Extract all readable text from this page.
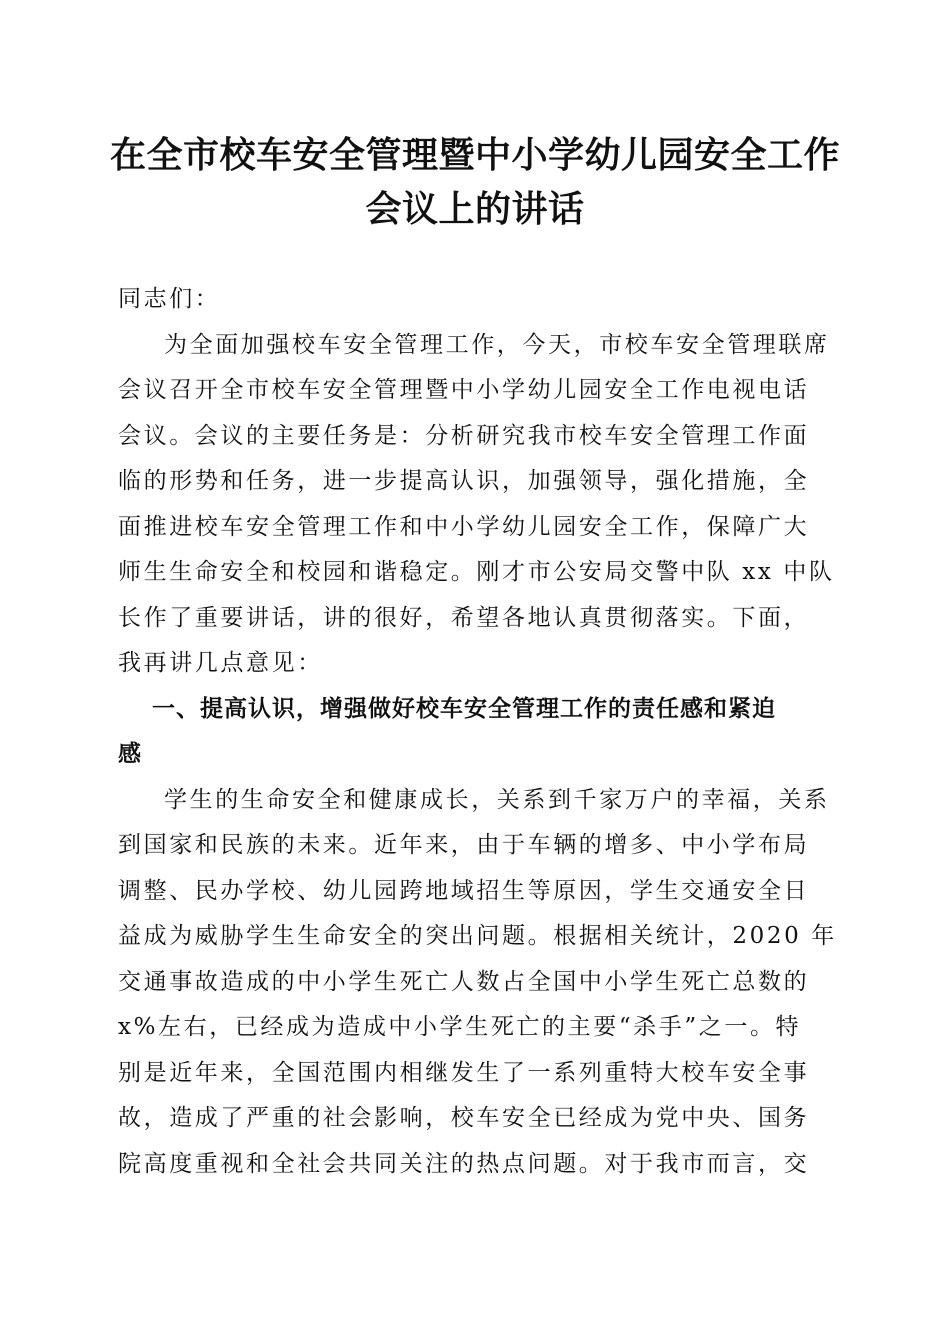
在全市校车安全管理暨中小学幼儿园安全工作
会议上的讲话

同志们：

为全面加强校车安全管理工作，今天，市校车安全管理联席
会议召开全市校车安全管理暨中小学幼儿园安全工作电视电话
会议。会议的主要任务是：分析研究我市校车安全管理工作面
临的形势和任务，进一步提高认识，加强领导，强化措施，全
面推进校车安全管理工作和中小学幼儿园安全工作，保障广大
师生生命安全和校园和谐稳定。刚才市公安局交警中队 xx 中队
长作了重要讲话，讲的很好，希望各地认真贯彻落实。下面，
我再讲几点意见：

一、提高认识，增强做好校车安全管理工作的责任感和紧迫
感

学生的生命安全和健康成长，关系到千家万户的幸福，关系
到国家和民族的未来。近年来，由于车辆的增多、中小学布局
调整、民办学校、幼儿园跨地域招生等原因，学生交通安全日
益成为威胁学生生命安全的突出问题。根据相关统计，2020 年
交通事故造成的中小学生死亡人数占全国中小学生死亡总数的
x%左右，已经成为造成中小学生死亡的主要“杀手”之一。特
别是近年来，全国范围内相继发生了一系列重特大校车安全事
故，造成了严重的社会影响，校车安全已经成为党中央、国务
院高度重视和全社会共同关注的热点问题。对于我市而言，交
